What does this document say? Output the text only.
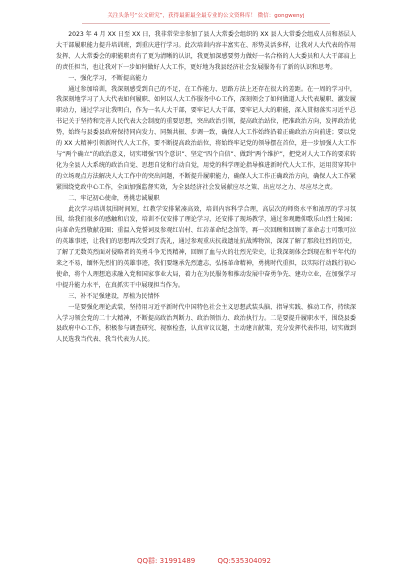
关注头条号“公文研究”，获得最新最全最专业的公文资料库！ 微信：gongwenyj

2023 年 4 月 XX 日至 XX 日，我非常荣幸参加了县人大常委会组织的 XX 县人大常委会组成人员和基层人大干部履职能力提升培训班，到重庆进行学习。此次培训内容丰富实在、形势灵活多样，让我对人大代表的作用发挥、人大常委会的职能职责有了更为清晰的认识，我更加深感要努力做好一名合格的人大委员和人大干部肩上的责任担当，也让我对下一步如何做好人大工作，更好地为我县经济社会发展服务有了新的认识和思考。

一、强化学习，不断提高能力

通过参加培训，我深刻感受到自己的不足，在工作能力、思路方法上还存在很大的差距。在一周的学习中，我深刻地学习了人大代表如何履职、如何以人大工作服务中心工作，深刻领会了如何做道人大代表履职、激发履职动力，通过学习让我明白，作为一名人大干部，要牢记人大干部，要牢记人大的职能，深入贯彻落实习近平总书记关于坚持和完善人民代表大会制度的重要思想，突出政治引领，提高政治站位，把准政治方向，发挥政治优势，始终与县委县政府保持同向发力、同频共振、步调一致，确保人大工作始终沿着正确政治方向前进；要以党的 XX 大精神引领新时代人大工作，要不断提高政治站位，将始终牢记党的领导摆在首位，进一步加强人大工作与“两个确立”的政治意义，切实增强“四个意识”、坚定“四个自信”、做到“两个维护”，把党对人大工作的要求转化为全县人大系统的政治自觉、思想自觉和行动自觉，用党的科学理论指导推进新时代人大工作，运用贯穿其中的立场观点方法解决人大工作中的突出问题，不断提升履职能力，确保人大工作正确政治方向，确保人大工作紧紧围绕党政中心工作，全面加强监督实效，为全县经济社会发展献应尽之策、出应尽之力、尽应尽之责。

二、牢记初心使命，勇挑忠诚履职

此次学习培训氛围时间短，红教学安排紧凑高效，培训内容科学合理，高层次的师资水平和浓厚的学习氛围，给我们很多的感触和启发，培训不仅安排了理论学习，还安排了现场教学，通过参观瞻仰歌乐山烈士陵园；向革命先烈敬献花圈；重温入党誓词及参观红岩村、红岩革命纪念馆等，再一次回顾和回顾了革命志士可歌可泣的英雄事迹，让我们的思想再次受到了洗礼，通过参观重庆抗战遗址抗战博物馆，深深了解了那段壮烈的历史，了解了无数英烈面对侵略者的英勇斗争无畏精神，回顾了血与火的壮烈光荣史，让我深刻体会到现在和平年代的来之不易，缅怀先烈们的英雄事迹，我们要继承先烈遗志，弘扬革命精神，勇挑时代重担，以实际行动践行初心使命，将个人理想追求融入党和国家事业大局，着力在为民服务和推动发展中奋勇争先、建功立业，在加强学习中提升能力水平，在真抓实干中展现担当作为。

三、补不足强建设，厚植为民情怀

一是要强化理论武装，坚持用习近平新时代中国特色社会主义思想武装头脑、指导实践、推动工作，持续深入学习领会党的二十大精神，不断提高政治判断力、政治领悟力、政治执行力。二是要提升履职水平，围绕县委县政府中心工作，积极参与调查研究、视察检查，认真审议议题，主动建言献策，充分发挥代表作用，切实做到人民选我当代表、我当代表为人民。

QQ群: 31991489	QQ:535304092
